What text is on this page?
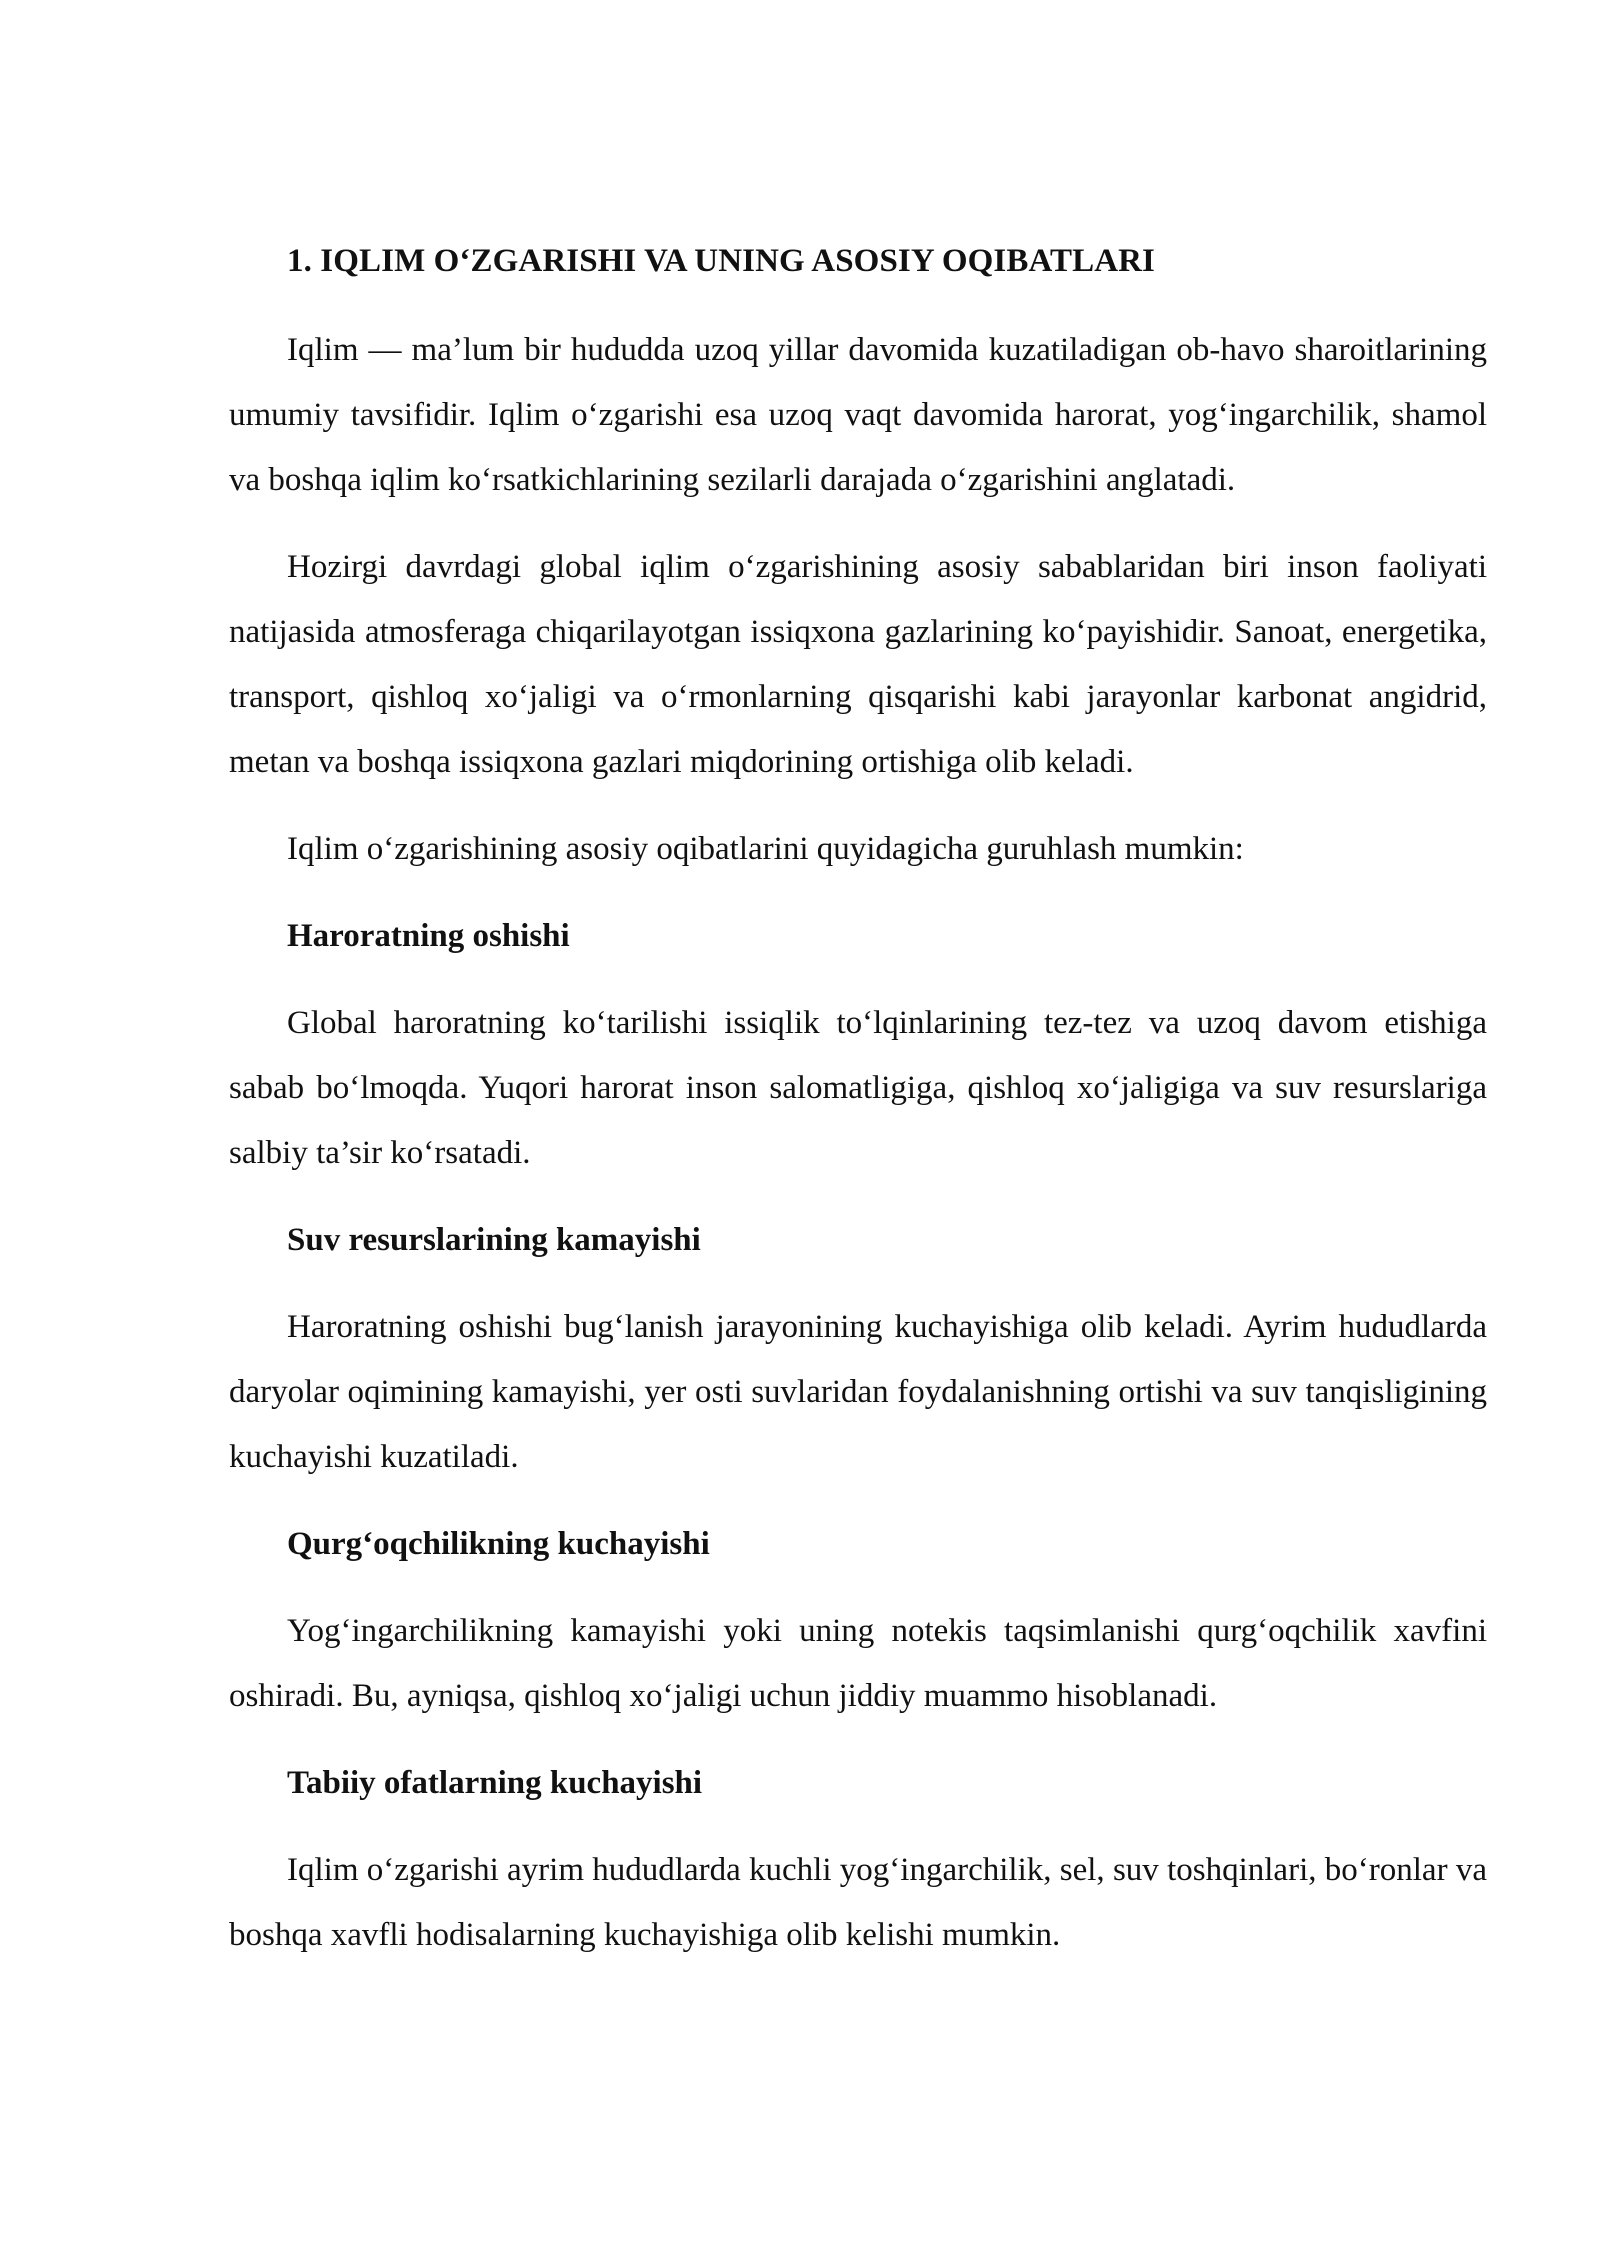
1. IQLIM O‘ZGARISHI VA UNING ASOSIY OQIBATLARI

Iqlim — ma’lum bir hududda uzoq yillar davomida kuzatiladigan ob-havo sharoitlarining umumiy tavsifidir. Iqlim o‘zgarishi esa uzoq vaqt davomida harorat, yog‘ingarchilik, shamol va boshqa iqlim ko‘rsatkichlarining sezilarli darajada o‘zgarishini anglatadi.

Hozirgi davrdagi global iqlim o‘zgarishining asosiy sabablaridan biri inson faoliyati natijasida atmosferaga chiqarilayotgan issiqxona gazlarining ko‘payishidir. Sanoat, energetika, transport, qishloq xo‘jaligi va o‘rmonlarning qisqarishi kabi jarayonlar karbonat angidrid, metan va boshqa issiqxona gazlari miqdorining ortishiga olib keladi.

Iqlim o‘zgarishining asosiy oqibatlarini quyidagicha guruhlash mumkin:

Haroratning oshishi

Global haroratning ko‘tarilishi issiqlik to‘lqinlarining tez-tez va uzoq davom etishiga sabab bo‘lmoqda. Yuqori harorat inson salomatligiga, qishloq xo‘jaligiga va suv resurslariga salbiy ta’sir ko‘rsatadi.

Suv resurslarining kamayishi

Haroratning oshishi bug‘lanish jarayonining kuchayishiga olib keladi. Ayrim hududlarda daryolar oqimining kamayishi, yer osti suvlaridan foydalanishning ortishi va suv tanqisligining kuchayishi kuzatiladi.

Qurg‘oqchilikning kuchayishi

Yog‘ingarchilikning kamayishi yoki uning notekis taqsimlanishi qurg‘oqchilik xavfini oshiradi. Bu, ayniqsa, qishloq xo‘jaligi uchun jiddiy muammo hisoblanadi.

Tabiiy ofatlarning kuchayishi

Iqlim o‘zgarishi ayrim hududlarda kuchli yog‘ingarchilik, sel, suv toshqinlari, bo‘ronlar va boshqa xavfli hodisalarning kuchayishiga olib kelishi mumkin.
